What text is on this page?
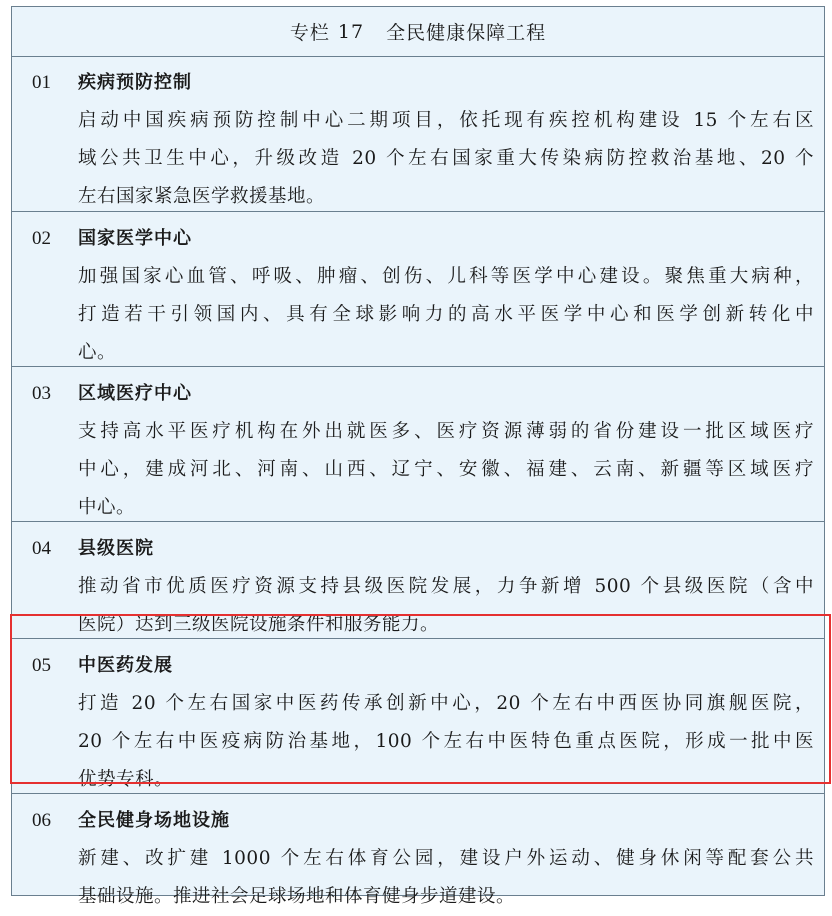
专栏 17 全民健康保障工程
01	疾病预防控制
启动中国疾病预防控制中心二期项目，依托现有疾控机构建设 15 个左右区
域公共卫生中心，升级改造 20 个左右国家重大传染病防控救治基地、20 个
左右国家紧急医学救援基地。
02	国家医学中心
加强国家心血管、呼吸、肿瘤、创伤、儿科等医学中心建设。聚焦重大病种，
打造若干引领国内、具有全球影响力的高水平医学中心和医学创新转化中
心。
03	区域医疗中心
支持高水平医疗机构在外出就医多、医疗资源薄弱的省份建设一批区域医疗
中心，建成河北、河南、山西、辽宁、安徽、福建、云南、新疆等区域医疗
中心。
04	县级医院
推动省市优质医疗资源支持县级医院发展，力争新增 500 个县级医院（含中
医院）达到三级医院设施条件和服务能力。
05	中医药发展
打造 20 个左右国家中医药传承创新中心，20 个左右中西医协同旗舰医院，
20 个左右中医疫病防治基地，100 个左右中医特色重点医院，形成一批中医
优势专科。
06	全民健身场地设施
新建、改扩建 1000 个左右体育公园，建设户外运动、健身休闲等配套公共
基础设施。推进社会足球场地和体育健身步道建设。
